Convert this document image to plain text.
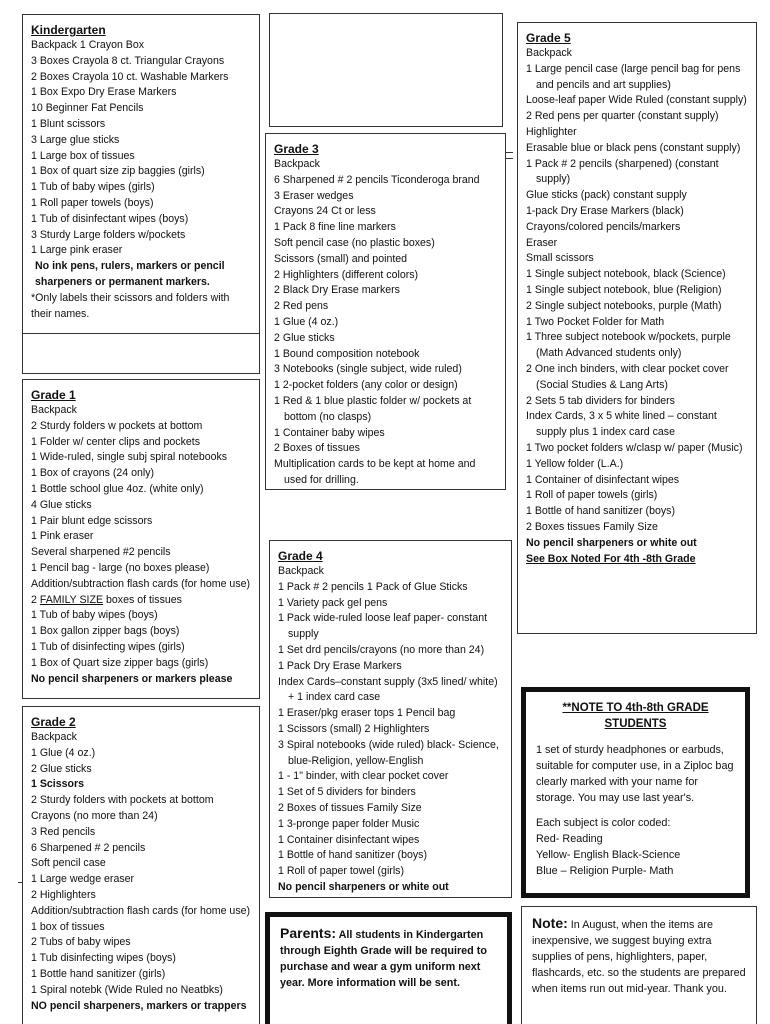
Kindergarten
Backpack 1 Crayon Box
3 Boxes Crayola 8 ct. Triangular Crayons
2 Boxes Crayola 10 ct. Washable Markers
1 Box Expo Dry Erase Markers
10 Beginner Fat Pencils
1 Blunt scissors
3 Large glue sticks
1 Large box of tissues
1 Box of quart size zip baggies (girls)
1 Tub of baby wipes (girls)
1 Roll paper towels (boys)
1 Tub of disinfectant wipes (boys)
3 Sturdy Large folders w/pockets
1 Large pink eraser
No ink pens, rulers, markers or pencil sharpeners or permanent markers.
*Only labels their scissors and folders with their names.
Grade 3
Backpack
6 Sharpened # 2 pencils Ticonderoga brand
3 Eraser wedges
Crayons 24 Ct or less
1 Pack 8 fine line markers
Soft pencil case (no plastic boxes)
Scissors (small) and pointed
2 Highlighters (different colors)
2 Black Dry Erase markers
2 Red pens
1 Glue (4 oz.)
2 Glue sticks
1 Bound composition notebook
3 Notebooks (single subject, wide ruled)
1 2-pocket folders (any color or design)
1 Red & 1 blue plastic folder w/ pockets at bottom (no clasps)
1 Container baby wipes
2 Boxes of tissues
Multiplication cards to be kept at home and used for drilling.
Grade 5
Backpack
1 Large pencil case (large pencil bag for pens and pencils and art supplies)
Loose-leaf paper Wide Ruled (constant supply)
2 Red pens per quarter (constant supply)
Highlighter
Erasable blue or black pens (constant supply)
1 Pack # 2 pencils (sharpened) (constant supply)
Glue sticks (pack) constant supply
1-pack Dry Erase Markers (black)
Crayons/colored pencils/markers
Eraser
Small scissors
1 Single subject notebook, black (Science)
1 Single subject notebook, blue (Religion)
2 Single subject notebooks, purple (Math)
1 Two Pocket Folder for Math
1 Three subject notebook w/pockets, purple (Math Advanced students only)
2 One inch binders, with clear pocket cover (Social Studies & Lang Arts)
2 Sets 5 tab dividers for binders
Index Cards, 3 x 5 white lined – constant supply plus 1 index card case
1 Two pocket folders w/clasp w/ paper (Music)
1 Yellow folder (L.A.)
1 Container of disinfectant wipes
1 Roll of paper towels (girls)
1 Bottle of hand sanitizer (boys)
2 Boxes tissues Family Size
No pencil sharpeners or white out
See Box Noted For 4th -8th Grade
Grade 1
Backpack
2 Sturdy folders w pockets at bottom
1 Folder w/ center clips and pockets
1 Wide-ruled, single subj spiral notebooks
1 Box of crayons (24 only)
1 Bottle school glue 4oz. (white only)
4 Glue sticks
1 Pair blunt edge scissors
1 Pink eraser
Several sharpened #2 pencils
1 Pencil bag - large (no boxes please)
Addition/subtraction flash cards (for home use)
2 FAMILY SIZE boxes of tissues
1 Tub of baby wipes (boys)
1 Box gallon zipper bags (boys)
1 Tub of disinfecting wipes (girls)
1 Box of Quart size zipper bags (girls)
No pencil sharpeners or markers please
Grade 2
Backpack
1 Glue (4 oz.)
2 Glue sticks
1 Scissors
2 Sturdy folders with pockets at bottom
Crayons (no more than 24)
3 Red pencils
6 Sharpened # 2 pencils
Soft pencil case
1 Large wedge eraser
2 Highlighters
Addition/subtraction flash cards (for home use)
1 box of tissues
2 Tubs of baby wipes
1 Tub disinfecting wipes (boys)
1 Bottle hand sanitizer (girls)
1 Spiral notebk (Wide Ruled no Neatbks)
NO pencil sharpeners, markers or trappers
Grade 4
Backpack
1 Pack # 2 pencils 1 Pack of Glue Sticks
1 Variety pack gel pens
1 Pack wide-ruled loose leaf paper- constant supply
1 Set drd pencils/crayons (no more than 24)
1 Pack Dry Erase Markers
Index Cards–constant supply (3x5 lined/ white) + 1 index card case
1 Eraser/pkg eraser tops 1 Pencil bag
1 Scissors (small) 2 Highlighters
3 Spiral notebooks (wide ruled) black- Science, blue-Religion, yellow-English
1 - 1" binder, with clear pocket cover
1 Set of 5 dividers for binders
2 Boxes of tissues Family Size
1 3-pronge paper folder Music
1 Container disinfectant wipes
1 Bottle of hand sanitizer (boys)
1 Roll of paper towel (girls)
No pencil sharpeners or white out
**NOTE TO 4th-8th GRADE
STUDENTS
1 set of sturdy headphones or earbuds, suitable for computer use, in a Ziploc bag clearly marked with your name for storage. You may use last year's.
Each subject is color coded:
Red- Reading
Yellow- English Black-Science
Blue – Religion Purple- Math
Parents: All students in Kindergarten through Eighth Grade will be required to purchase and wear a gym uniform next year. More information will be sent.
Note: In August, when the items are inexpensive, we suggest buying extra supplies of pens, highlighters, paper, flashcards, etc. so the students are prepared when items run out mid-year. Thank you.
